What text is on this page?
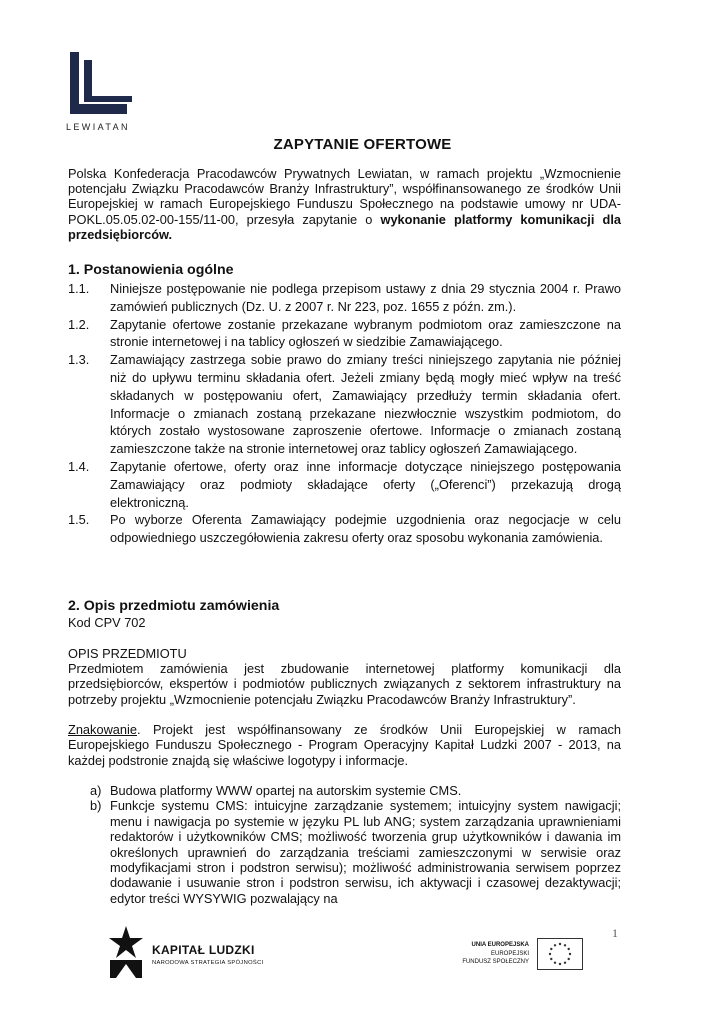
LEWIATAN
ZAPYTANIE OFERTOWE
Polska Konfederacja Pracodawców Prywatnych Lewiatan, w ramach projektu „Wzmocnienie potencjału Związku Pracodawców Branży Infrastruktury”, współfinansowanego ze środków Unii Europejskiej w ramach Europejskiego Funduszu Społecznego na podstawie umowy nr UDA-POKL.05.05.02-00-155/11-00, przesyła zapytanie o wykonanie platformy komunikacji dla przedsiębiorców.
1. Postanowienia ogólne
1.1.	Niniejsze postępowanie nie podlega przepisom ustawy z dnia 29 stycznia 2004 r. Prawo zamówień publicznych (Dz. U. z 2007 r. Nr 223, poz. 1655 z późn. zm.).
1.2.	Zapytanie ofertowe zostanie przekazane wybranym podmiotom oraz zamieszczone na stronie internetowej i na tablicy ogłoszeń w siedzibie Zamawiającego.
1.3.	Zamawiający zastrzega sobie prawo do zmiany treści niniejszego zapytania nie później niż do upływu terminu składania ofert. Jeżeli zmiany będą mogły mieć wpływ na treść składanych w postępowaniu ofert, Zamawiający przedłuży termin składania ofert. Informacje o zmianach zostaną przekazane niezwłocznie wszystkim podmiotom, do których zostało wystosowane zaproszenie ofertowe. Informacje o zmianach zostaną zamieszczone także na stronie internetowej oraz tablicy ogłoszeń Zamawiającego.
1.4.	Zapytanie ofertowe, oferty oraz inne informacje dotyczące niniejszego postępowania Zamawiający oraz podmioty składające oferty („Oferenci”) przekazują drogą elektroniczną.
1.5.	Po wyborze Oferenta Zamawiający podejmie uzgodnienia oraz negocjacje w celu odpowiedniego uszczegółowienia zakresu oferty oraz sposobu wykonania zamówienia.
2. Opis przedmiotu zamówienia
Kod CPV 702
OPIS PRZEDMIOTU
Przedmiotem zamówienia jest zbudowanie internetowej platformy komunikacji dla przedsiębiorców, ekspertów i podmiotów publicznych związanych z sektorem infrastruktury na potrzeby projektu „Wzmocnienie potencjału Związku Pracodawców Branży Infrastruktury”.
Znakowanie. Projekt jest współfinansowany ze środków Unii Europejskiej w ramach Europejskiego Funduszu Społecznego - Program Operacyjny Kapitał Ludzki 2007 - 2013, na każdej podstronie znajdą się właściwe logotypy i informacje.
a) Budowa platformy WWW opartej na autorskim systemie CMS.
b) Funkcje systemu CMS: intuicyjne zarządzanie systemem; intuicyjny system nawigacji; menu i nawigacja po systemie w języku PL lub ANG; system zarządzania uprawnieniami redaktorów i użytkowników CMS; możliwość tworzenia grup użytkowników i dawania im określonych uprawnień do zarządzania treściami zamieszczonymi w serwisie oraz modyfikacjami stron i podstron serwisu); możliwość administrowania serwisem poprzez dodawanie i usuwanie stron i podstron serwisu, ich aktywacji i czasowej dezaktywacji; edytor treści WYSYWIG pozwalający na
1
KAPITAŁ LUDZKI
NARODOWA STRATEGIA SPÓJNOŚCI
UNIA EUROPEJSKA
EUROPEJSKI
FUNDUSZ SPOŁECZNY
